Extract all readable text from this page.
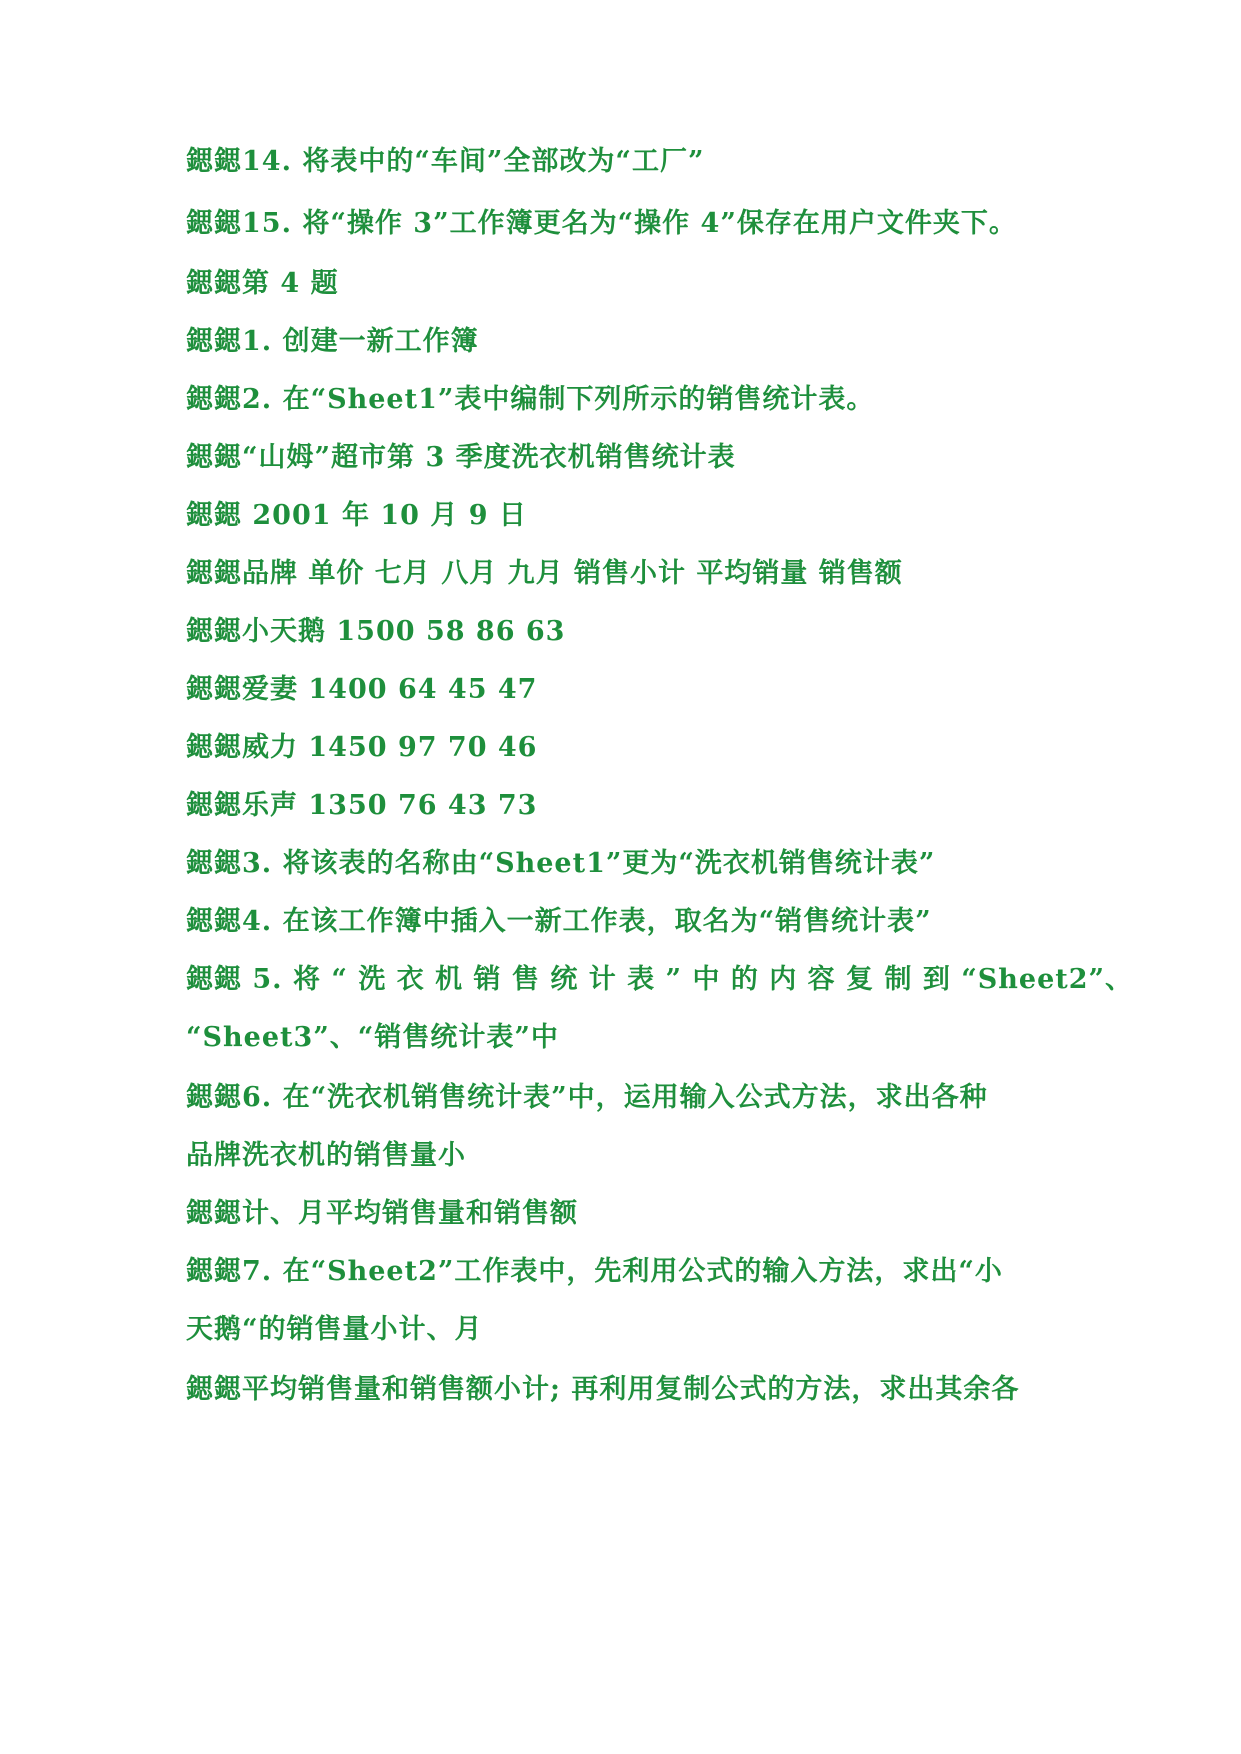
鍶鍶14. 将表中的“车间”全部改为“工厂”
鍶鍶15. 将“操作 3”工作簿更名为“操作 4”保存在用户文件夹下。
鍶鍶第 4 题
鍶鍶1. 创建一新工作簿
鍶鍶2. 在“Sheet1”表中编制下列所示的销售统计表。
鍶鍶“山姆”超市第 3 季度洗衣机销售统计表
鍶鍶 2001 年 10 月 9 日
鍶鍶品牌 单价 七月 八月 九月 销售小计 平均销量 销售额
鍶鍶小天鹅 1500 58 86 63
鍶鍶爱妻 1400 64 45 47
鍶鍶威力 1450 97 70 46
鍶鍶乐声 1350 76 43 73
鍶鍶3. 将该表的名称由“Sheet1”更为“洗衣机销售统计表”
鍶鍶4. 在该工作簿中插入一新工作表，取名为“销售统计表”
鍶鍶 5. 将 “ 洗 衣 机 销 售 统 计 表 ” 中 的 内 容 复 制 到 “Sheet2”、
“Sheet3”、“销售统计表”中
鍶鍶6. 在“洗衣机销售统计表”中，运用输入公式方法，求出各种
品牌洗衣机的销售量小
鍶鍶计、月平均销售量和销售额
鍶鍶7. 在“Sheet2”工作表中，先利用公式的输入方法，求出“小
天鹅“的销售量小计、月
鍶鍶平均销售量和销售额小计; 再利用复制公式的方法，求出其余各
